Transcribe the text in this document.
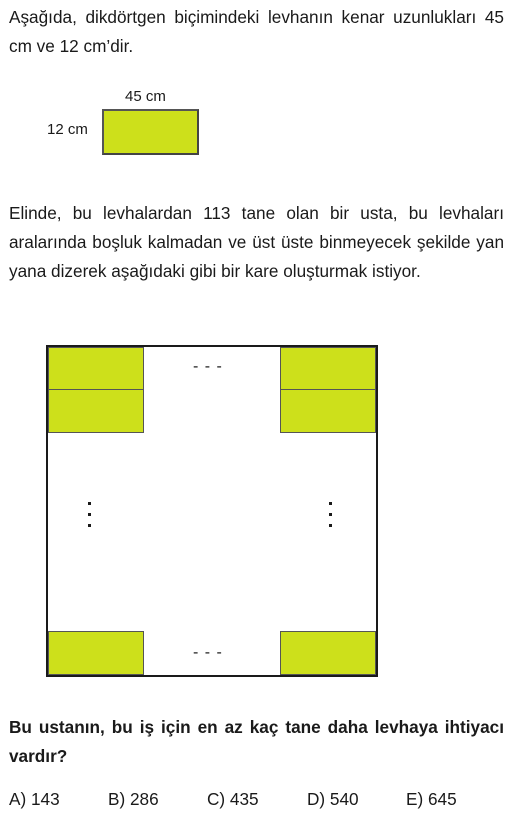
Aşağıda, dikdörtgen biçimindeki levhanın kenar uzunlukları 45 cm ve 12 cm’dir.

45 cm
12 cm

Elinde, bu levhalardan 113 tane olan bir usta, bu levhaları aralarında boşluk kalmadan ve üst üste binmeyecek şekilde yan yana dizerek aşağıdaki gibi bir kare oluşturmak istiyor.

- - -
- - -

Bu ustanın, bu iş için en az kaç tane daha levhaya ihtiyacı vardır?

A) 143	B) 286	C) 435	D) 540	E) 645
